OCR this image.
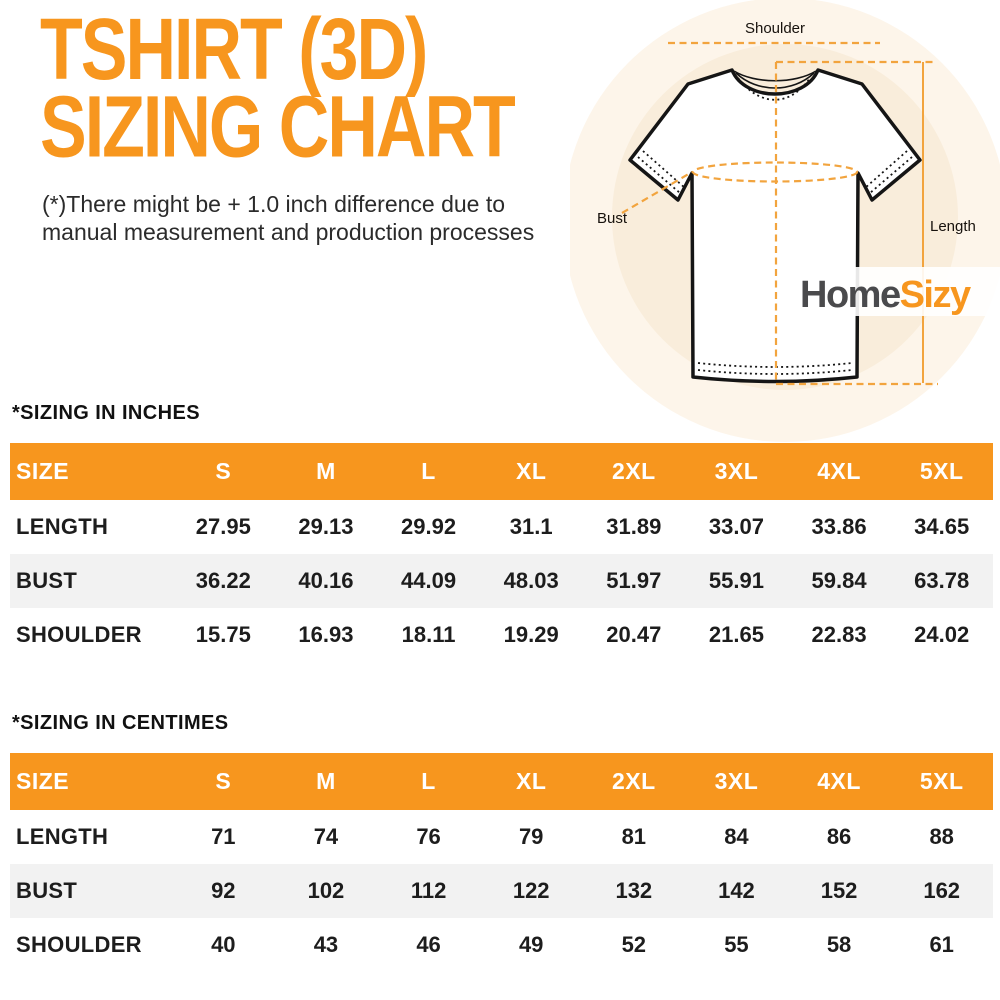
TSHIRT (3D)
SIZING CHART
(*)There might be + 1.0 inch difference due to
manual measurement and production processes
Shoulder
Bust	Length
HomeSizy
*SIZING IN INCHES
SIZE	S	M	L	XL	2XL	3XL	4XL	5XL
LENGTH	27.95	29.13	29.92	31.1	31.89	33.07	33.86	34.65
BUST	36.22	40.16	44.09	48.03	51.97	55.91	59.84	63.78
SHOULDER	15.75	16.93	18.11	19.29	20.47	21.65	22.83	24.02
*SIZING IN CENTIMES
SIZE	S	M	L	XL	2XL	3XL	4XL	5XL
LENGTH	71	74	76	79	81	84	86	88
BUST	92	102	112	122	132	142	152	162
SHOULDER	40	43	46	49	52	55	58	61
